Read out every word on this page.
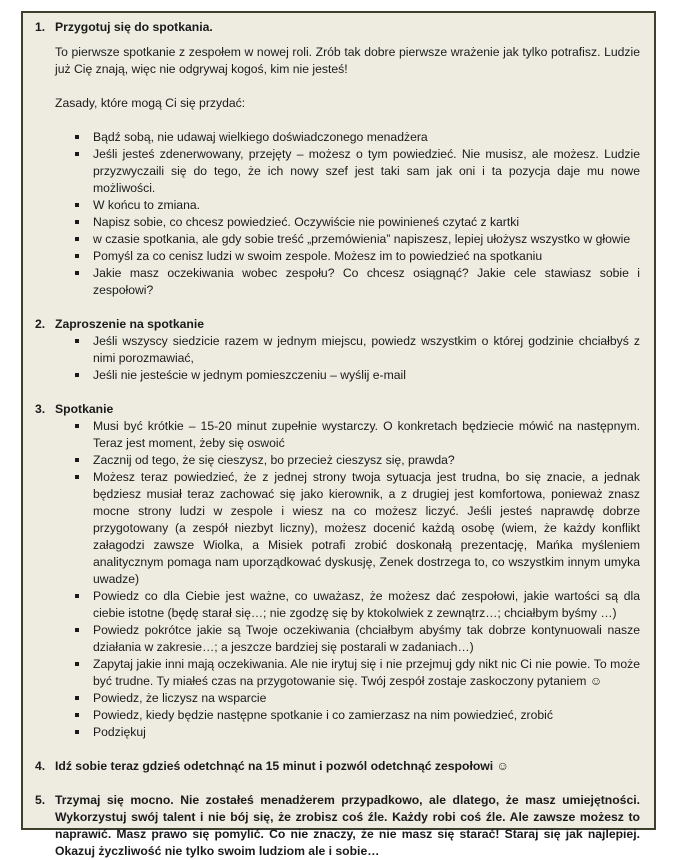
1. Przygotuj się do spotkania.

To pierwsze spotkanie z zespołem w nowej roli. Zrób tak dobre pierwsze wrażenie jak tylko potrafisz. Ludzie już Cię znają, więc nie odgrywaj kogoś, kim nie jesteś!

Zasady, które mogą Ci się przydać:

Bądź sobą, nie udawaj wielkiego doświadczonego menadżera
Jeśli jesteś zdenerwowany, przejęty – możesz o tym powiedzieć. Nie musisz, ale możesz. Ludzie przyzwyczaili się do tego, że ich nowy szef jest taki sam jak oni i ta pozycja daje mu nowe możliwości.
W końcu to zmiana.
Napisz sobie, co chcesz powiedzieć. Oczywiście nie powinieneś czytać z kartki
w czasie spotkania, ale gdy sobie treść „przemówienia” napiszesz, lepiej ułożysz wszystko w głowie
Pomyśl za co cenisz ludzi w swoim zespole. Możesz im to powiedzieć na spotkaniu
Jakie masz oczekiwania wobec zespołu? Co chcesz osiągnąć? Jakie cele stawiasz sobie i zespołowi?
2. Zaproszenie na spotkanie
Jeśli wszyscy siedzicie razem w jednym miejscu, powiedz wszystkim o której godzinie chciałbyś z nimi porozmawiać,
Jeśli nie jesteście w jednym pomieszczeniu – wyślij e-mail
3. Spotkanie
Musi być krótkie – 15-20 minut zupełnie wystarczy. O konkretach będziecie mówić na następnym. Teraz jest moment, żeby się oswoić
Zacznij od tego, że się cieszysz, bo przecież cieszysz się, prawda?
Możesz teraz powiedzieć, że z jednej strony twoja sytuacja jest trudna, bo się znacie, a jednak będziesz musiał teraz zachować się jako kierownik, a z drugiej jest komfortowa, ponieważ znasz mocne strony ludzi w zespole i wiesz na co możesz liczyć. Jeśli jesteś naprawdę dobrze przygotowany (a zespół niezbyt liczny), możesz docenić każdą osobę (wiem, że każdy konflikt załagodzi zawsze Wiolka, a Misiek potrafi zrobić doskonałą prezentację, Mańka myśleniem analitycznym pomaga nam uporządkować dyskusję, Zenek dostrzega to, co wszystkim innym umyka uwadze)
Powiedz co dla Ciebie jest ważne, co uważasz, że możesz dać zespołowi, jakie wartości są dla ciebie istotne (będę starał się…; nie zgodzę się by ktokolwiek z zewnątrz…; chciałbym byśmy …)
Powiedz pokrótce jakie są Twoje oczekiwania (chciałbym abyśmy tak dobrze kontynuowali nasze działania w zakresie…; a jeszcze bardziej się postarali w zadaniach…)
Zapytaj jakie inni mają oczekiwania. Ale nie irytuj się i nie przejmuj gdy nikt nic Ci nie powie. To może być trudne. Ty miałeś czas na przygotowanie się. Twój zespół zostaje zaskoczony pytaniem ☺
Powiedz, że liczysz na wsparcie
Powiedz, kiedy będzie następne spotkanie i co zamierzasz na nim powiedzieć, zrobić
Podziękuj
4. Idź sobie teraz gdzieś odetchnąć na 15 minut i pozwól odetchnąć zespołowi ☺
5. Trzymaj się mocno. Nie zostałeś menadżerem przypadkowo, ale dlatego, że masz umiejętności. Wykorzystuj swój talent i nie bój się, że zrobisz coś źle. Każdy robi coś źle. Ale zawsze możesz to naprawić. Masz prawo się pomylić. Co nie znaczy, że nie masz się starać! Staraj się jak najlepiej. Okazuj życzliwość nie tylko swoim ludziom ale i sobie…
